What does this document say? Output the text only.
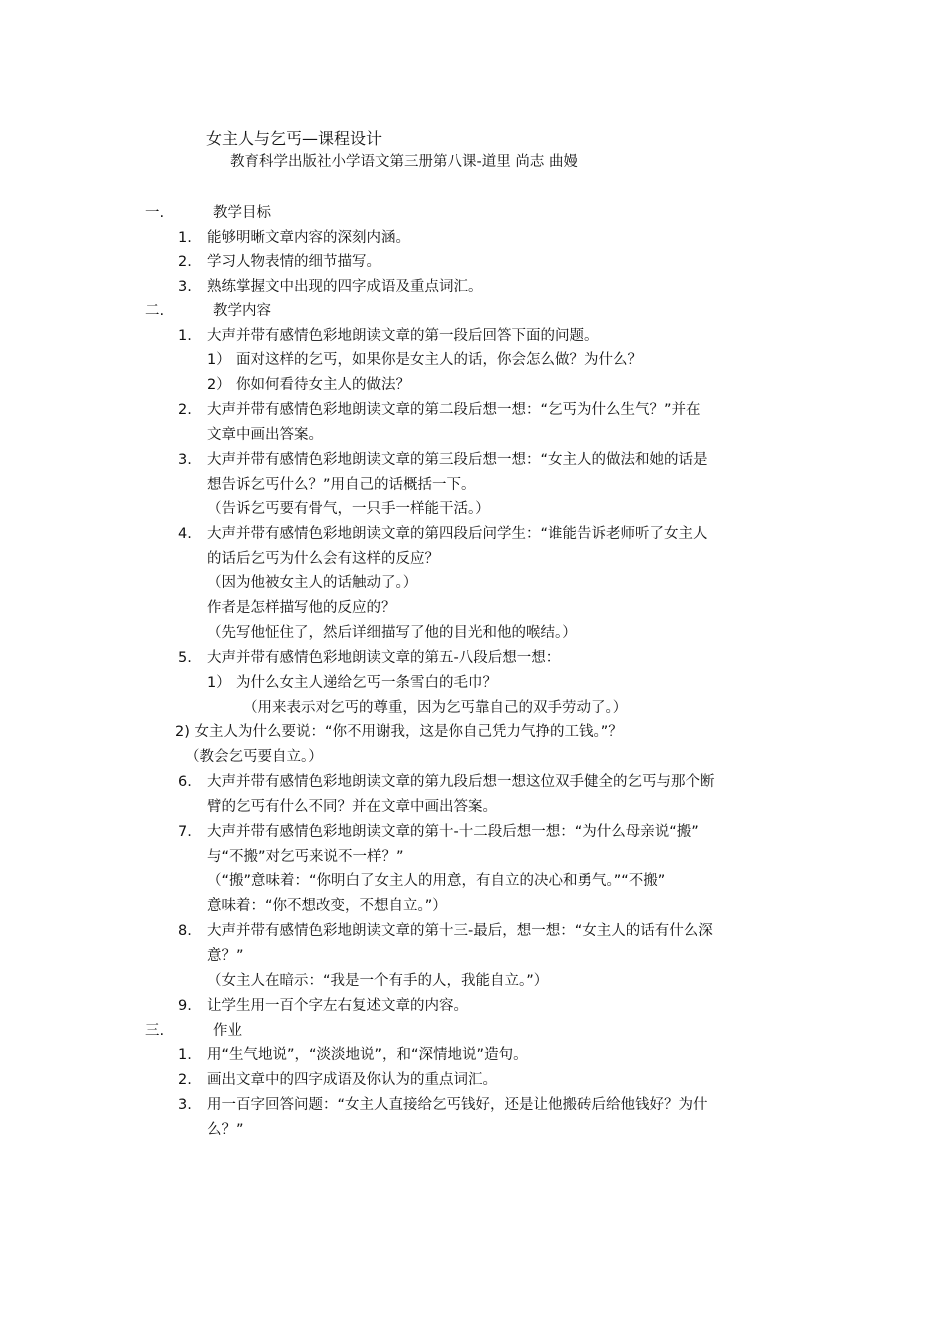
女主人与乞丐—课程设计
教育科学出版社小学语文第三册第八课-道里 尚志 曲嫚
一.	教学目标
1. 能够明晰文章内容的深刻内涵。
2. 学习人物表情的细节描写。
3. 熟练掌握文中出现的四字成语及重点词汇。
二.	教学内容
1. 大声并带有感情色彩地朗读文章的第一段后回答下面的问题。
1） 面对这样的乞丐，如果你是女主人的话，你会怎么做？为什么？
2） 你如何看待女主人的做法？
2. 大声并带有感情色彩地朗读文章的第二段后想一想：“乞丐为什么生气？”并在
文章中画出答案。
3. 大声并带有感情色彩地朗读文章的第三段后想一想：“女主人的做法和她的话是
想告诉乞丐什么？”用自己的话概括一下。
（告诉乞丐要有骨气，一只手一样能干活。）
4. 大声并带有感情色彩地朗读文章的第四段后问学生：“谁能告诉老师听了女主人
的话后乞丐为什么会有这样的反应？
（因为他被女主人的话触动了。）
作者是怎样描写他的反应的？
（先写他怔住了，然后详细描写了他的目光和他的喉结。）
5. 大声并带有感情色彩地朗读文章的第五-八段后想一想：
1） 为什么女主人递给乞丐一条雪白的毛巾？
（用来表示对乞丐的尊重，因为乞丐靠自己的双手劳动了。）
2) 女主人为什么要说：“你不用谢我，这是你自己凭力气挣的工钱。”？
（教会乞丐要自立。）
6. 大声并带有感情色彩地朗读文章的第九段后想一想这位双手健全的乞丐与那个断
臂的乞丐有什么不同？并在文章中画出答案。
7. 大声并带有感情色彩地朗读文章的第十-十二段后想一想：“为什么母亲说“搬”
与“不搬”对乞丐来说不一样？”
（“搬”意味着：“你明白了女主人的用意，有自立的决心和勇气。”“不搬”
意味着：“你不想改变，不想自立。”）
8. 大声并带有感情色彩地朗读文章的第十三-最后，想一想：“女主人的话有什么深
意？”
（女主人在暗示：“我是一个有手的人，我能自立。”）
9. 让学生用一百个字左右复述文章的内容。
三.	作业
1. 用“生气地说”，“淡淡地说”，和“深情地说”造句。
2. 画出文章中的四字成语及你认为的重点词汇。
3. 用一百字回答问题：“女主人直接给乞丐钱好，还是让他搬砖后给他钱好？为什
么？”
